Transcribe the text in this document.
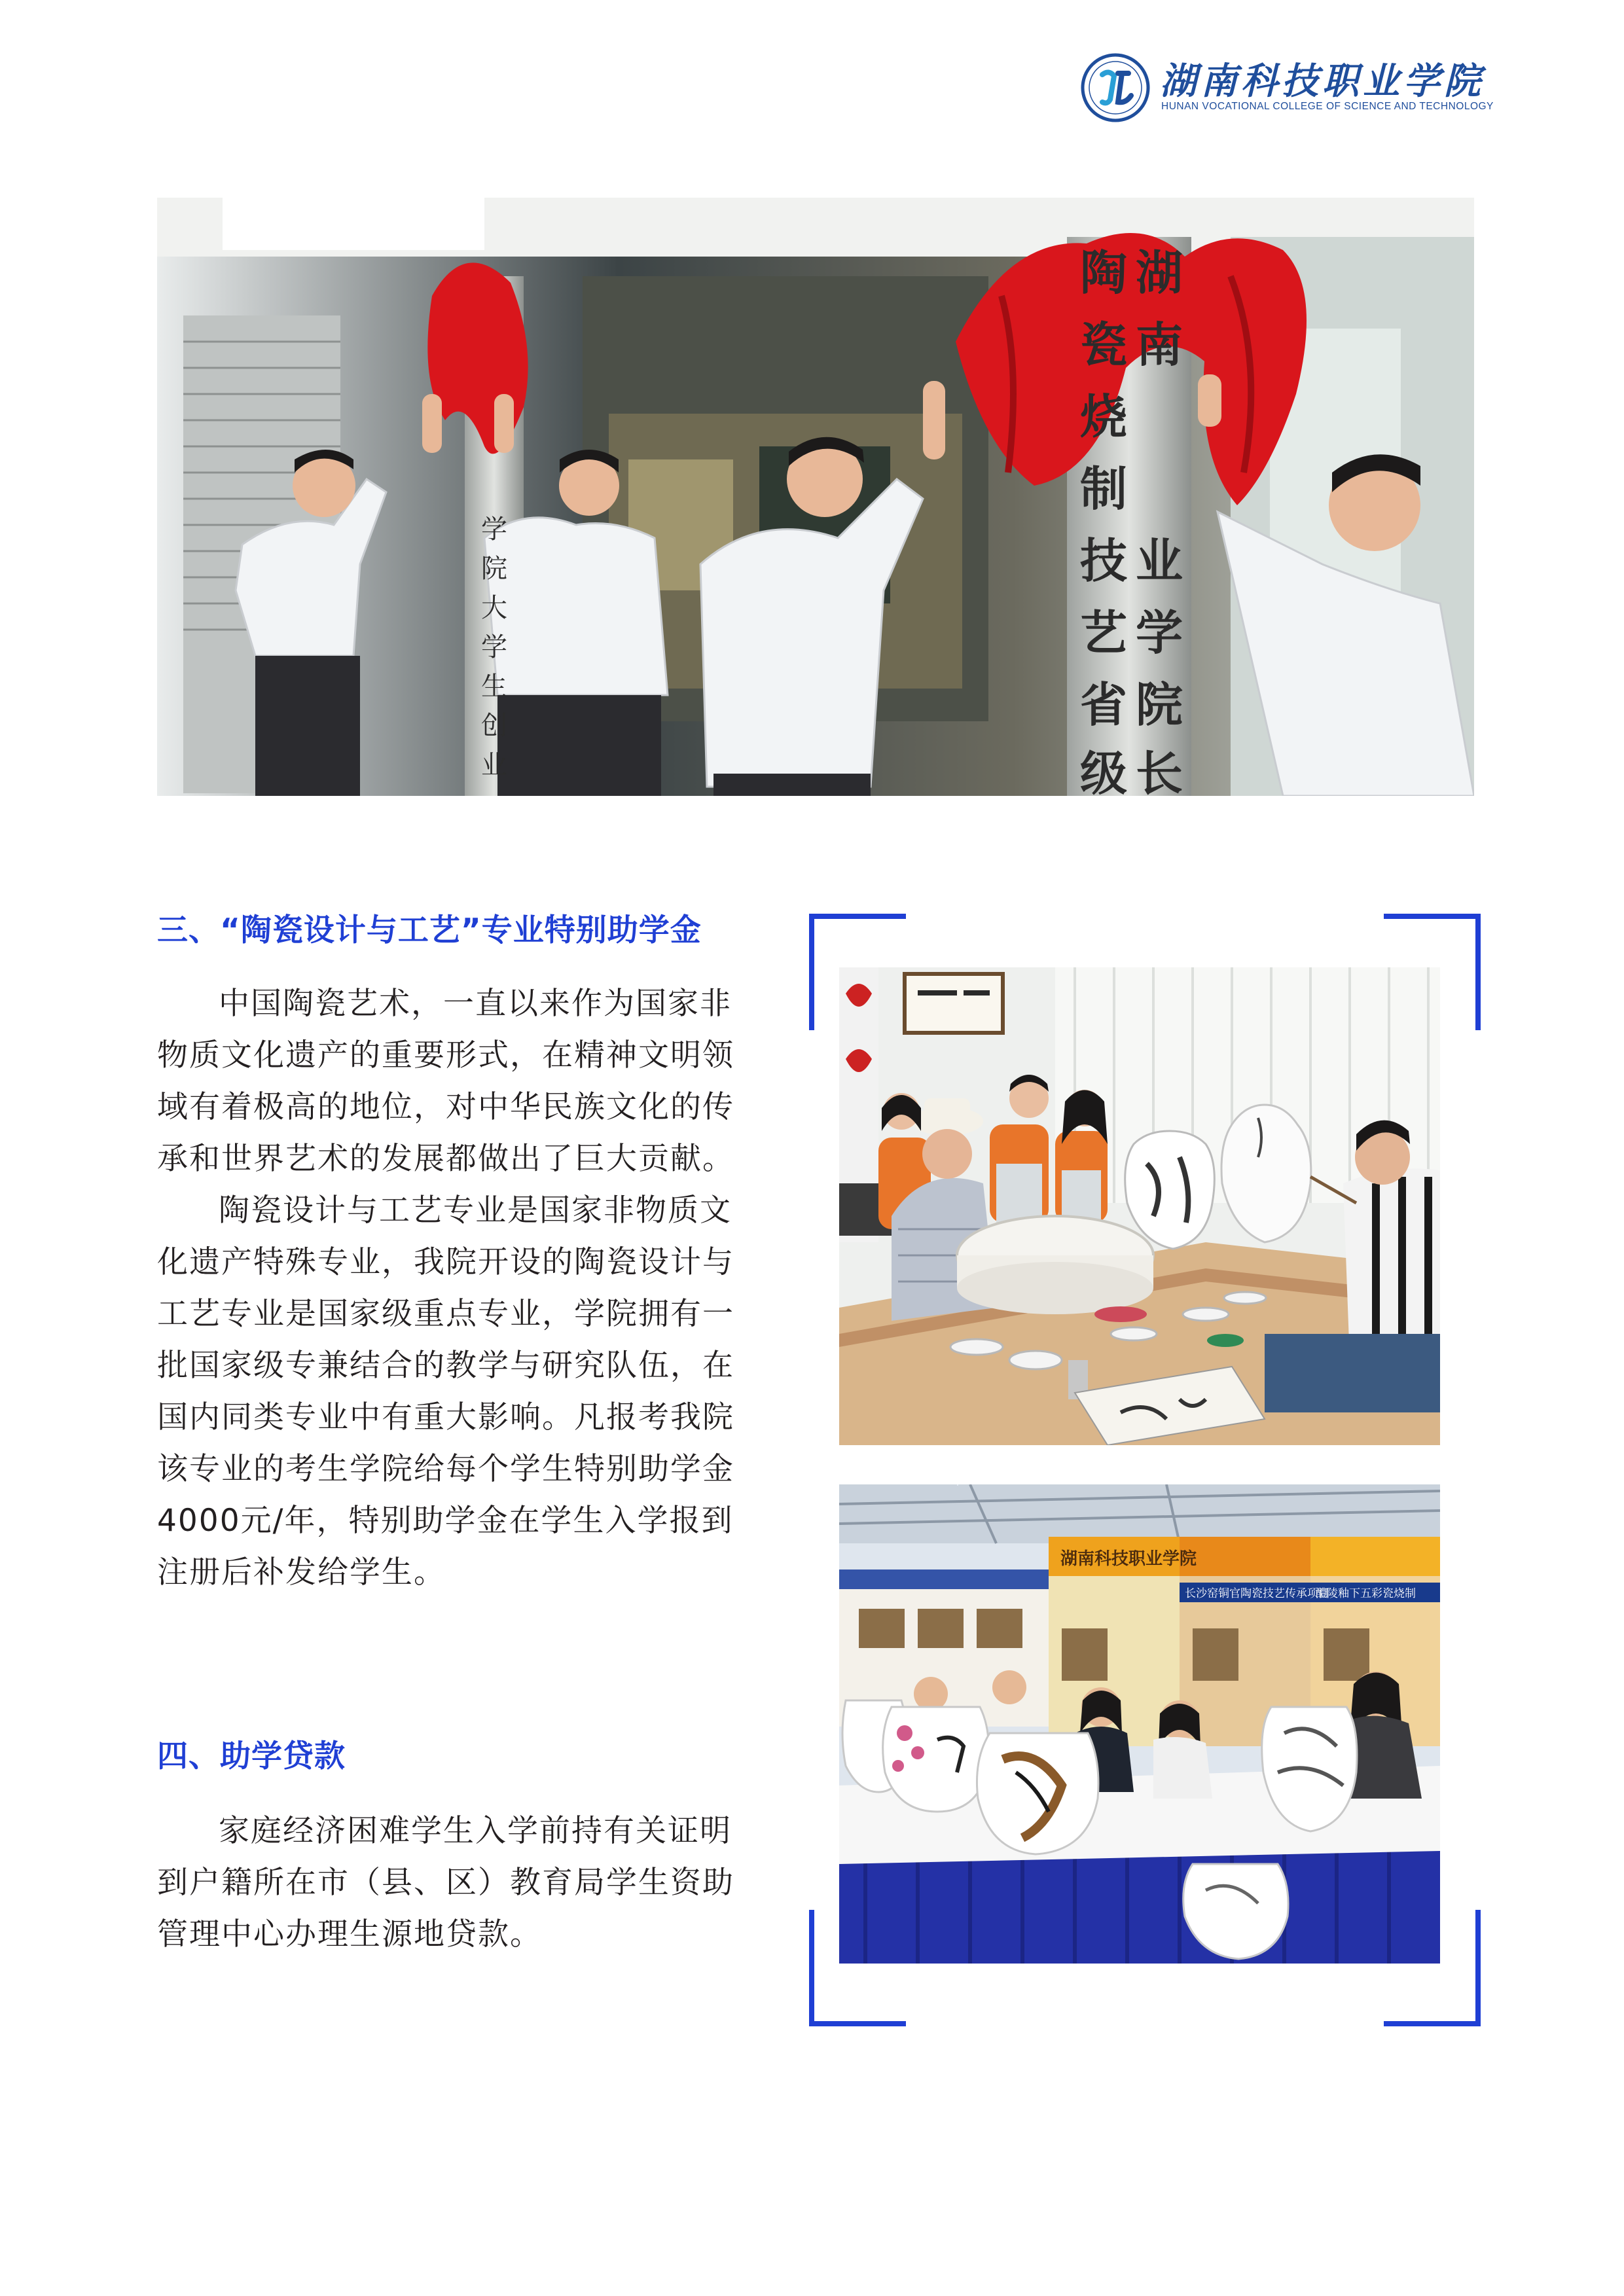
湖南科技职业学院
HUNAN VOCATIONAL COLLEGE OF SCIENCE AND TECHNOLOGY
陶
瓷
烧
制
技
艺
省
级
湖
南
业
学
院
长
学
院
大
学
生
创
业
三、“陶瓷设计与工艺”专业特别助学金

中国陶瓷艺术，一直以来作为国家非物质文化遗产的重要形式，在精神文明领域有着极高的地位，对中华民族文化的传承和世界艺术的发展都做出了巨大贡献。

陶瓷设计与工艺专业是国家非物质文化遗产特殊专业，我院开设的陶瓷设计与工艺专业是国家级重点专业，学院拥有一批国家级专兼结合的教学与研究队伍，在国内同类专业中有重大影响。凡报考我院该专业的考生学院给每个学生特别助学金4000元/年，特别助学金在学生入学报到注册后补发给学生。

四、助学贷款

家庭经济困难学生入学前持有关证明到户籍所在市（县、区）教育局学生资助管理中心办理生源地贷款。

湖南科技职业学院
长沙窑铜官陶瓷技艺传承项目
醴陵釉下五彩瓷烧制
